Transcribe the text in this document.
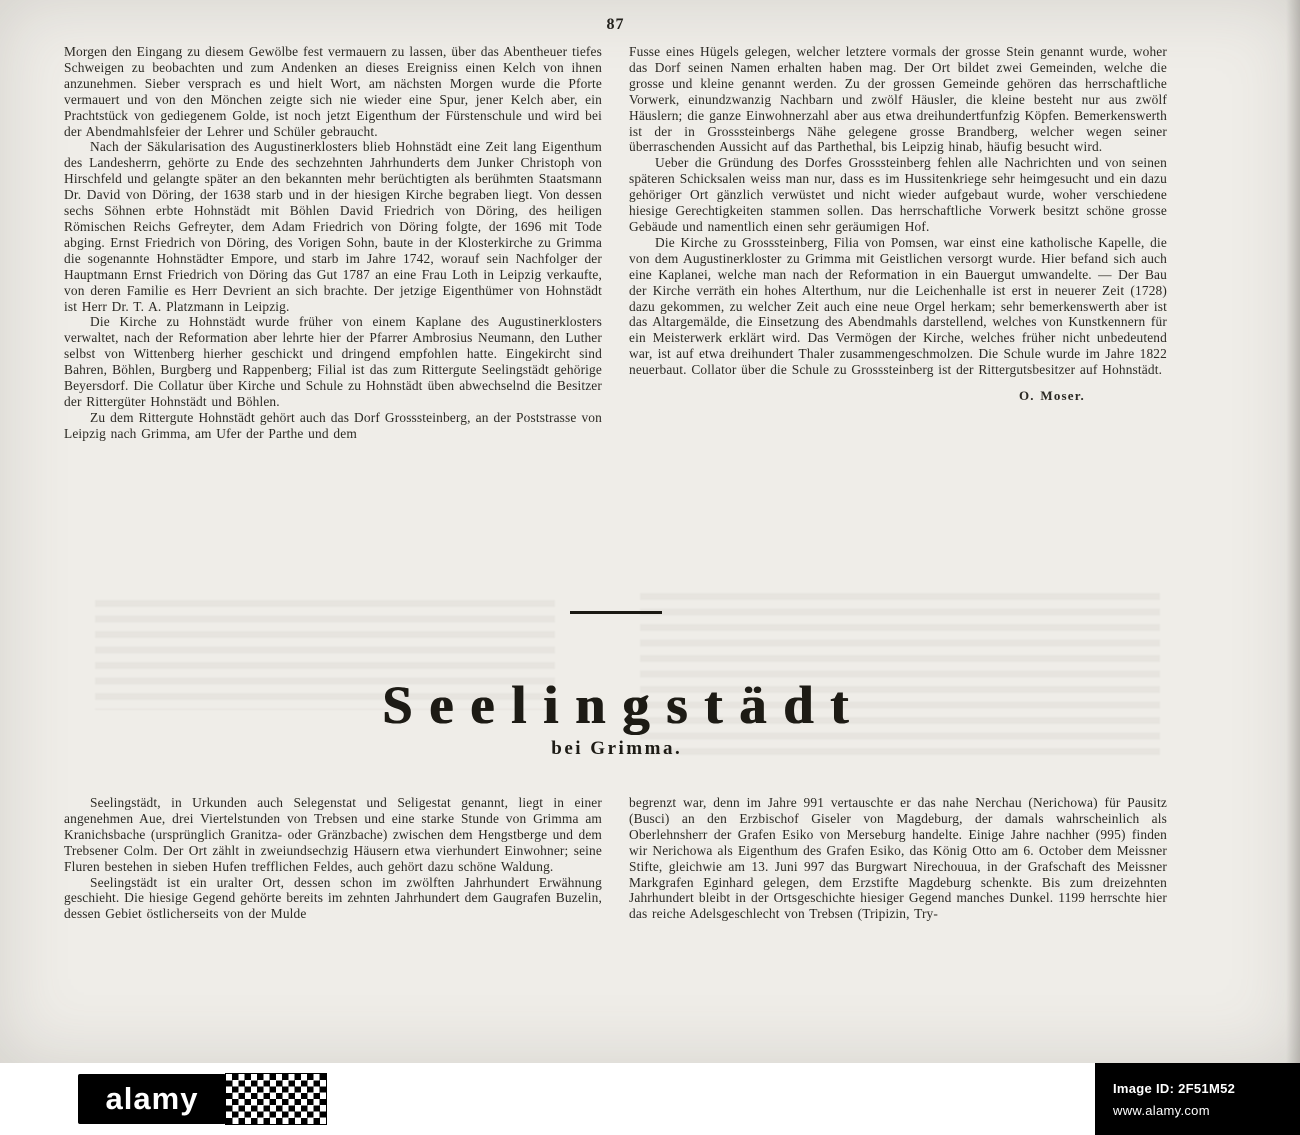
87

Morgen den Eingang zu diesem Gewölbe fest vermauern zu lassen, über das Abentheuer tiefes Schweigen zu beobachten und zum Andenken an dieses Ereigniss einen Kelch von ihnen anzunehmen. Sieber versprach es und hielt Wort, am nächsten Morgen wurde die Pforte vermauert und von den Mönchen zeigte sich nie wieder eine Spur, jener Kelch aber, ein Prachtstück von gediegenem Golde, ist noch jetzt Eigenthum der Fürstenschule und wird bei der Abendmahlsfeier der Lehrer und Schüler gebraucht.

Nach der Säkularisation des Augustinerklosters blieb Hohnstädt eine Zeit lang Eigenthum des Landesherrn, gehörte zu Ende des sechzehnten Jahrhunderts dem Junker Christoph von Hirschfeld und gelangte später an den bekannten mehr berüchtigten als berühmten Staatsmann Dr. David von Döring, der 1638 starb und in der hiesigen Kirche begraben liegt. Von dessen sechs Söhnen erbte Hohnstädt mit Böhlen David Friedrich von Döring, des heiligen Römischen Reichs Gefreyter, dem Adam Friedrich von Döring folgte, der 1696 mit Tode abging. Ernst Friedrich von Döring, des Vorigen Sohn, baute in der Klosterkirche zu Grimma die sogenannte Hohnstädter Empore, und starb im Jahre 1742, worauf sein Nachfolger der Hauptmann Ernst Friedrich von Döring das Gut 1787 an eine Frau Loth in Leipzig verkaufte, von deren Familie es Herr Devrient an sich brachte. Der jetzige Eigenthümer von Hohnstädt ist Herr Dr. T. A. Platzmann in Leipzig.

Die Kirche zu Hohnstädt wurde früher von einem Kaplane des Augustinerklosters verwaltet, nach der Reformation aber lehrte hier der Pfarrer Ambrosius Neumann, den Luther selbst von Wittenberg hierher geschickt und dringend empfohlen hatte. Eingekircht sind Bahren, Böhlen, Burgberg und Rappenberg; Filial ist das zum Rittergute Seelingstädt gehörige Beyersdorf. Die Collatur über Kirche und Schule zu Hohnstädt üben abwechselnd die Besitzer der Rittergüter Hohnstädt und Böhlen.

Zu dem Rittergute Hohnstädt gehört auch das Dorf Grosssteinberg, an der Poststrasse von Leipzig nach Grimma, am Ufer der Parthe und dem

Fusse eines Hügels gelegen, welcher letztere vormals der grosse Stein genannt wurde, woher das Dorf seinen Namen erhalten haben mag. Der Ort bildet zwei Gemeinden, welche die grosse und kleine genannt werden. Zu der grossen Gemeinde gehören das herrschaftliche Vorwerk, einundzwanzig Nachbarn und zwölf Häusler, die kleine besteht nur aus zwölf Häuslern; die ganze Einwohnerzahl aber aus etwa dreihundertfunfzig Köpfen. Bemerkenswerth ist der in Grosssteinbergs Nähe gelegene grosse Brandberg, welcher wegen seiner überraschenden Aussicht auf das Parthethal, bis Leipzig hinab, häufig besucht wird.

Ueber die Gründung des Dorfes Grosssteinberg fehlen alle Nachrichten und von seinen späteren Schicksalen weiss man nur, dass es im Hussitenkriege sehr heimgesucht und ein dazu gehöriger Ort gänzlich verwüstet und nicht wieder aufgebaut wurde, woher verschiedene hiesige Gerechtigkeiten stammen sollen. Das herrschaftliche Vorwerk besitzt schöne grosse Gebäude und namentlich einen sehr geräumigen Hof.

Die Kirche zu Grosssteinberg, Filia von Pomsen, war einst eine katholische Kapelle, die von dem Augustinerkloster zu Grimma mit Geistlichen versorgt wurde. Hier befand sich auch eine Kaplanei, welche man nach der Reformation in ein Bauergut umwandelte. — Der Bau der Kirche verräth ein hohes Alterthum, nur die Leichenhalle ist erst in neuerer Zeit (1728) dazu gekommen, zu welcher Zeit auch eine neue Orgel herkam; sehr bemerkenswerth aber ist das Altargemälde, die Einsetzung des Abendmahls darstellend, welches von Kunstkennern für ein Meisterwerk erklärt wird. Das Vermögen der Kirche, welches früher nicht unbedeutend war, ist auf etwa dreihundert Thaler zusammengeschmolzen. Die Schule wurde im Jahre 1822 neuerbaut. Collator über die Schule zu Grosssteinberg ist der Rittergutsbesitzer auf Hohnstädt.

O. Moser.
Seelingstädt
bei Grimma.

Seelingstädt, in Urkunden auch Selegenstat und Seligestat genannt, liegt in einer angenehmen Aue, drei Viertelstunden von Trebsen und eine starke Stunde von Grimma am Kranichsbache (ursprünglich Granitza- oder Gränzbache) zwischen dem Hengstberge und dem Trebsener Colm. Der Ort zählt in zweiundsechzig Häusern etwa vierhundert Einwohner; seine Fluren bestehen in sieben Hufen trefflichen Feldes, auch gehört dazu schöne Waldung.

Seelingstädt ist ein uralter Ort, dessen schon im zwölften Jahrhundert Erwähnung geschieht. Die hiesige Gegend gehörte bereits im zehnten Jahrhundert dem Gaugrafen Buzelin, dessen Gebiet östlicherseits von der Mulde

begrenzt war, denn im Jahre 991 vertauschte er das nahe Nerchau (Nerichowa) für Pausitz (Busci) an den Erzbischof Giseler von Magdeburg, der damals wahrscheinlich als Oberlehnsherr der Grafen Esiko von Merseburg handelte. Einige Jahre nachher (995) finden wir Nerichowa als Eigenthum des Grafen Esiko, das König Otto am 6. October dem Meissner Stifte, gleichwie am 13. Juni 997 das Burgwart Nirechouua, in der Grafschaft des Meissner Markgrafen Eginhard gelegen, dem Erzstifte Magdeburg schenkte. Bis zum dreizehnten Jahrhundert bleibt in der Ortsgeschichte hiesiger Gegend manches Dunkel. 1199 herrschte hier das reiche Adelsgeschlecht von Trebsen (Tripizin, Try-

alamy	Image ID: 2F51M52
www.alamy.com
